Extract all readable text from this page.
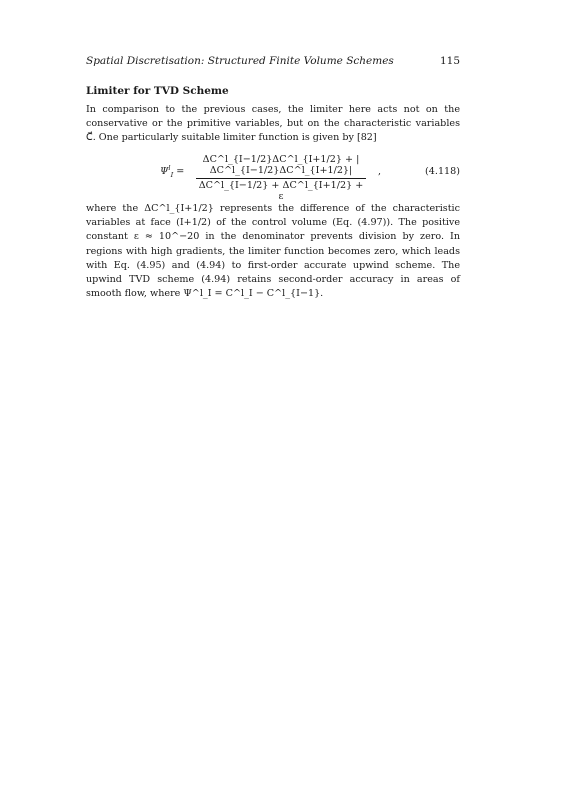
Spatial Discretisation: Structured Finite Volume Schemes	115
Limiter for TVD Scheme

In comparison to the previous cases, the limiter here acts not on the conservative or the primitive variables, but on the characteristic variables C⃗. One particularly suitable limiter function is given by [82]

$\Psi^l_I$ =
ΔC^l_{I−1/2}ΔC^l_{I+1/2} + |ΔC^l_{I−1/2}ΔC^l_{I+1/2}|
ΔC^l_{I−1/2} + ΔC^l_{I+1/2} + ε
,	(4.118)

where the ΔC^l_{I+1/2} represents the difference of the characteristic variables at face (I+1/2) of the control volume (Eq. (4.97)). The positive constant ε ≈ 10^−20 in the denominator prevents division by zero. In regions with high gradients, the limiter function becomes zero, which leads with Eq. (4.95) and (4.94) to first-order accurate upwind scheme. The upwind TVD scheme (4.94) retains second-order accuracy in areas of smooth flow, where Ψ^l_I = C^l_I − C^l_{I−1}.
